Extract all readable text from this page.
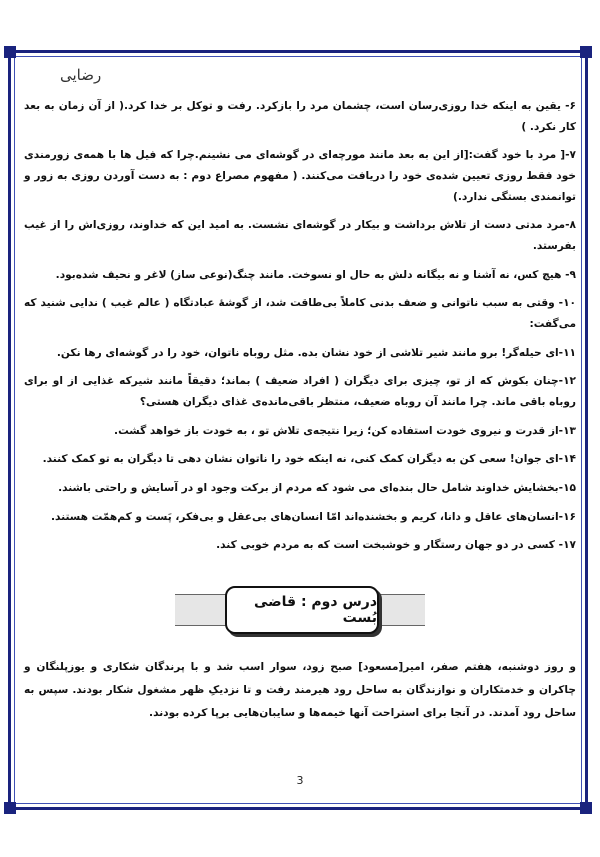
رضایی

۶- یقین به اینکه خدا روزی‌رسان است، چشمان مرد را بازکرد. رفت و توکل بر خدا کرد.( از آن زمان به بعد کار نکرد. )

۷-[ مرد با خود گفت:[از این به بعد مانند مورچه‌ای در گوشه‌ای می نشینم.چرا که فیل ها با همه‌ی زورمندی خود فقط روزی تعیین شده‌ی خود را دریافت می‌کنند. ( مفهوم مصراع دوم : به دست آوردن روزی به زور و توانمندی بستگی ندارد.)

۸-مرد مدتی دست از تلاش برداشت و بیکار در گوشه‌ای نشست. به امید این که خداوند، روزی‌اش را از غیب بفرستد.

۹- هیچ کس، نه آشنا و نه بیگانه دلش به حال او نسوخت. مانند چنگ(نوعی ساز) لاغر و نحیف شده‌بود.

۱۰- وقتی به سبب ناتوانی و ضعف بدنی کاملاً بی‌طاقت شد، از گوشهٔ عبادتگاه ( عالم غیب ) ندایی شنید که می‌گفت:

۱۱-ای حیله‌گر! برو مانند شیر تلاشی از خود نشان بده. مثل روباه ناتوان، خود را در گوشه‌ای رها نکن.

۱۲-چنان بکوش که از تو، چیزی برای دیگران ( افراد ضعیف ) بماند؛ دقیقاً مانند شیرکه غذایی از او برای روباه باقی ماند. چرا مانند آن روباه ضعیف، منتظر باقی‌مانده‌ی غذای دیگران هستی؟

۱۳-از قدرت و نیروی خودت استفاده کن؛ زیرا نتیجه‌ی تلاش تو ، به خودت باز خواهد گشت.

۱۴-ای جوان! سعی کن به دیگران کمک کنی، نه اینکه خود را ناتوان نشان دهی تا دیگران به تو کمک کنند.

۱۵-بخشایش خداوند شامل حال بنده‌ای می شود که مردم از برکت وجود او در آسایش و راحتی باشند.

۱۶-انسان‌های عاقل و دانا، کریم و بخشنده‌اند امّا انسان‌های بی‌عقل و بی‌فکر، پَست و کم‌همّت هستند.

۱۷- کسی در دو جهان رستگار و خوشبخت است که به مردم خوبی کند.

درس دوم : قاضی بُست
و روز دوشنبه، هفتم صفر، امیر[مسعود] صبح زود، سوار اسب شد و با پرندگان شکاری و یوزپلنگان و چاکران و خدمتکاران و نوازندگان به ساحل رود هیرمند رفت و تا نزدیکِ ظهر مشغول شکار بودند. سپس به ساحل رود آمدند. در آنجا برای استراحت آنها خیمه‌ها و سایبان‌هایی برپا کرده بودند.
3
